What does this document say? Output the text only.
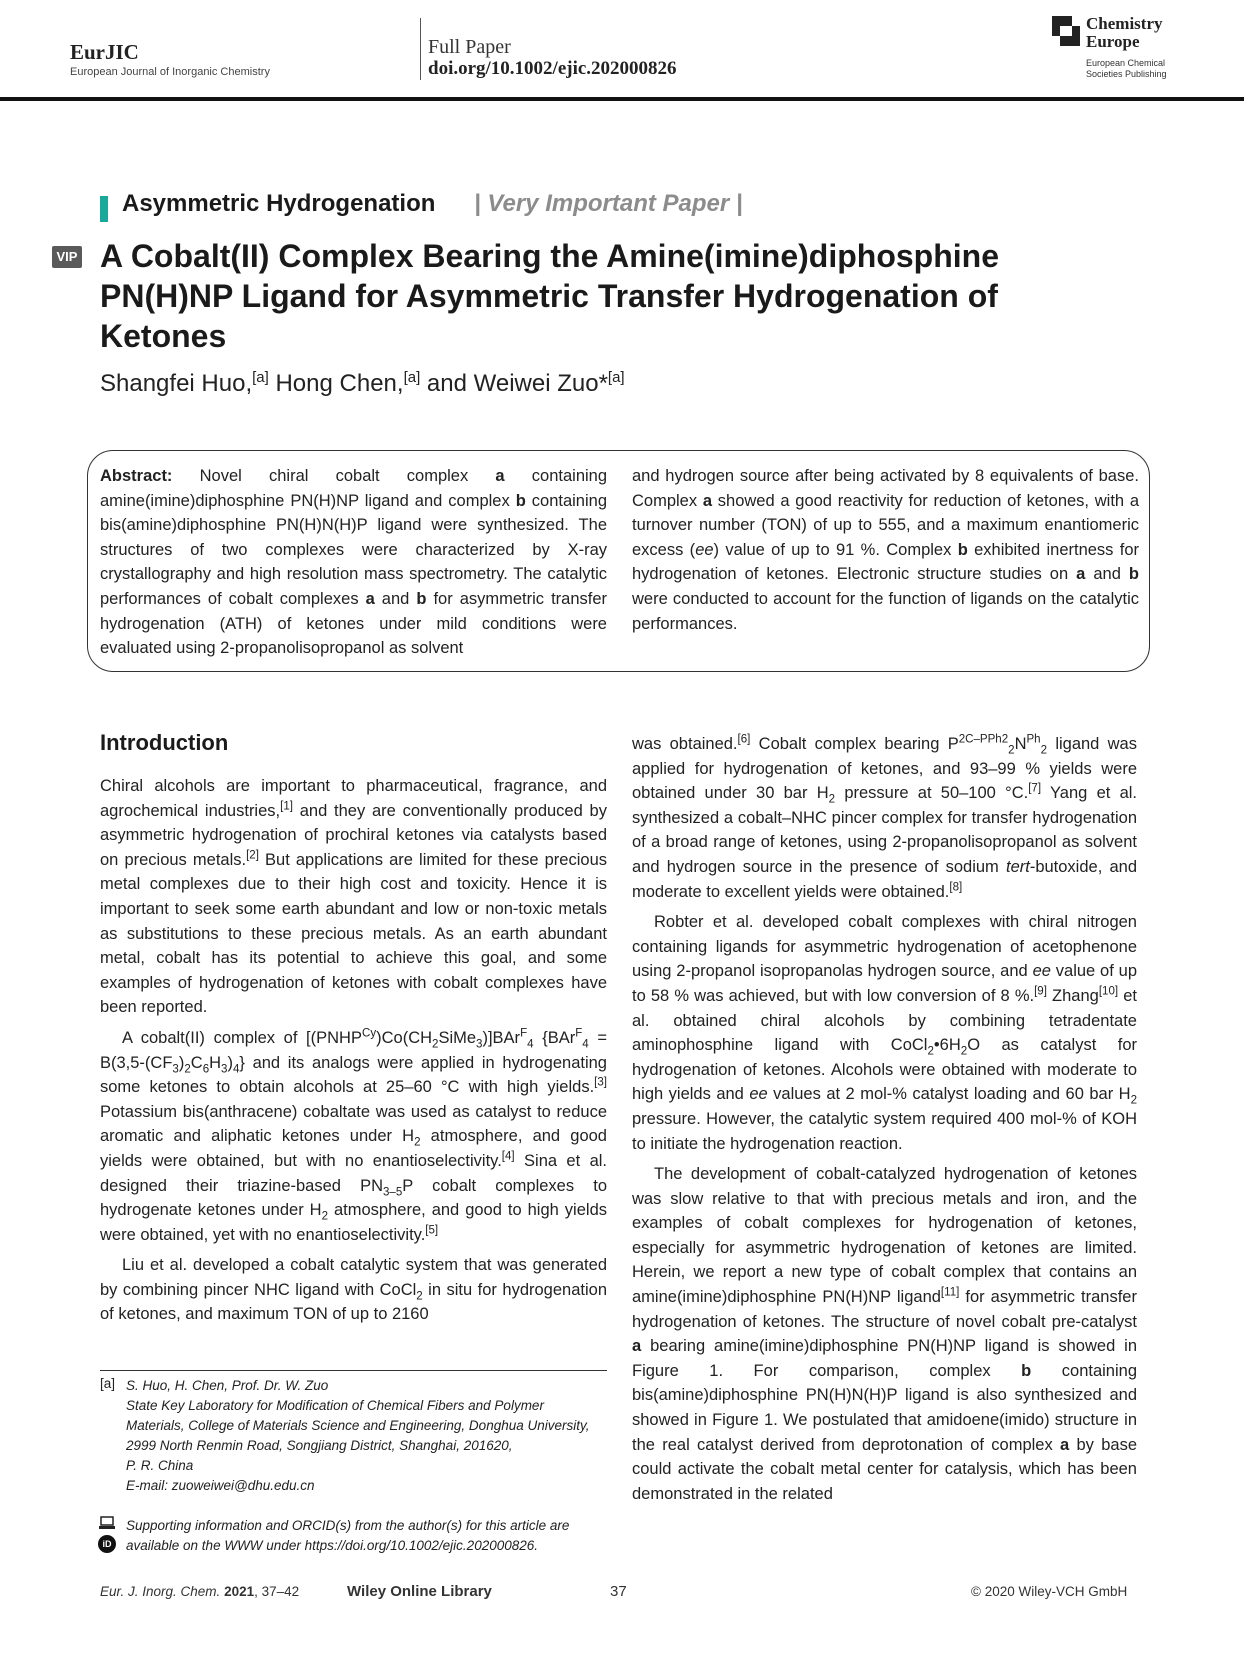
EurJIC
European Journal of Inorganic Chemistry
Full Paper
doi.org/10.1002/ejic.202000826
Chemistry
Europe
European Chemical
Societies Publishing
Asymmetric Hydrogenation | Very Important Paper |
VIP A Cobalt(II) Complex Bearing the Amine(imine)diphosphine PN(H)NP Ligand for Asymmetric Transfer Hydrogenation of Ketones
Shangfei Huo,[a] Hong Chen,[a] and Weiwei Zuo*[a]
Abstract: Novel chiral cobalt complex a containing amine(imine)diphosphine PN(H)NP ligand and complex b containing bis(amine)diphosphine PN(H)N(H)P ligand were synthesized. The structures of two complexes were characterized by X-ray crystallography and high resolution mass spectrometry. The catalytic performances of cobalt complexes a and b for asymmetric transfer hydrogenation (ATH) of ketones under mild conditions were evaluated using 2-propanolisopropanol as solvent
and hydrogen source after being activated by 8 equivalents of base. Complex a showed a good reactivity for reduction of ketones, with a turnover number (TON) of up to 555, and a maximum enantiomeric excess (ee) value of up to 91 %. Complex b exhibited inertness for hydrogenation of ketones. Electronic structure studies on a and b were conducted to account for the function of ligands on the catalytic performances.
Introduction

Chiral alcohols are important to pharmaceutical, fragrance, and agrochemical industries,[1] and they are conventionally produced by asymmetric hydrogenation of prochiral ketones via catalysts based on precious metals.[2] But applications are limited for these precious metal complexes due to their high cost and toxicity. Hence it is important to seek some earth abundant and low or non-toxic metals as substitutions to these precious metals. As an earth abundant metal, cobalt has its potential to achieve this goal, and some examples of hydrogenation of ketones with cobalt complexes have been reported.

A cobalt(II) complex of $[(PNHP^{Cy})Co(CH_2SiMe_3)]BAr^F_4$ $\{BAr^F_4 = B(3,5-(CF_3)_2C_6H_3)_4\}$ and its analogs were applied in hydrogenating some ketones to obtain alcohols at 25–60 °C with high yields.[3] Potassium bis(anthracene) cobaltate was used as catalyst to reduce aromatic and aliphatic ketones under $H_2$ atmosphere, and good yields were obtained, but with no enantioselectivity.[4] Sina et al. designed their triazine-based $PN_{3-5}P$ cobalt complexes to hydrogenate ketones under $H_2$ atmosphere, and good to high yields were obtained, yet with no enantioselectivity.[5]

Liu et al. developed a cobalt catalytic system that was generated by combining pincer NHC ligand with CoCl$_2$ in situ for hydrogenation of ketones, and maximum TON of up to 2160

was obtained.[6] Cobalt complex bearing $P^{2C-PPh2}_2N^{Ph}_2$ ligand was applied for hydrogenation of ketones, and 93–99 % yields were obtained under 30 bar $H_2$ pressure at 50–100 °C.[7] Yang et al. synthesized a cobalt–NHC pincer complex for transfer hydrogenation of a broad range of ketones, using 2-propanolisopropanol as solvent and hydrogen source in the presence of sodium tert-butoxide, and moderate to excellent yields were obtained.[8]

Robter et al. developed cobalt complexes with chiral nitrogen containing ligands for asymmetric hydrogenation of acetophenone using 2-propanol isopropanolas hydrogen source, and ee value of up to 58 % was achieved, but with low conversion of 8 %.[9] Zhang[10] et al. obtained chiral alcohols by combining tetradentate aminophosphine ligand with $CoCl_2•6H_2O$ as catalyst for hydrogenation of ketones. Alcohols were obtained with moderate to high yields and ee values at 2 mol-% catalyst loading and 60 bar $H_2$ pressure. However, the catalytic system required 400 mol-% of KOH to initiate the hydrogenation reaction.

The development of cobalt-catalyzed hydrogenation of ketones was slow relative to that with precious metals and iron, and the examples of cobalt complexes for hydrogenation of ketones, especially for asymmetric hydrogenation of ketones are limited. Herein, we report a new type of cobalt complex that contains an amine(imine)diphosphine PN(H)NP ligand[11] for asymmetric transfer hydrogenation of ketones. The structure of novel cobalt pre-catalyst a bearing amine(imine)diphosphine PN(H)NP ligand is showed in Figure 1. For comparison, complex b containing bis(amine)diphosphine PN(H)N(H)P ligand is also synthesized and showed in Figure 1. We postulated that amidoene(imido) structure in the real catalyst derived from deprotonation of complex a by base could activate the cobalt metal center for catalysis, which has been demonstrated in the related

[a] S. Huo, H. Chen, Prof. Dr. W. Zuo
State Key Laboratory for Modification of Chemical Fibers and Polymer Materials, College of Materials Science and Engineering, Donghua University,
2999 North Renmin Road, Songjiang District, Shanghai, 201620,
P. R. China
E-mail: zuoweiwei@dhu.edu.cn
iD
Supporting information and ORCID(s) from the author(s) for this article are available on the WWW under https://doi.org/10.1002/ejic.202000826.
Eur. J. Inorg. Chem. 2021, 37–42	Wiley Online Library	37	© 2020 Wiley-VCH GmbH
